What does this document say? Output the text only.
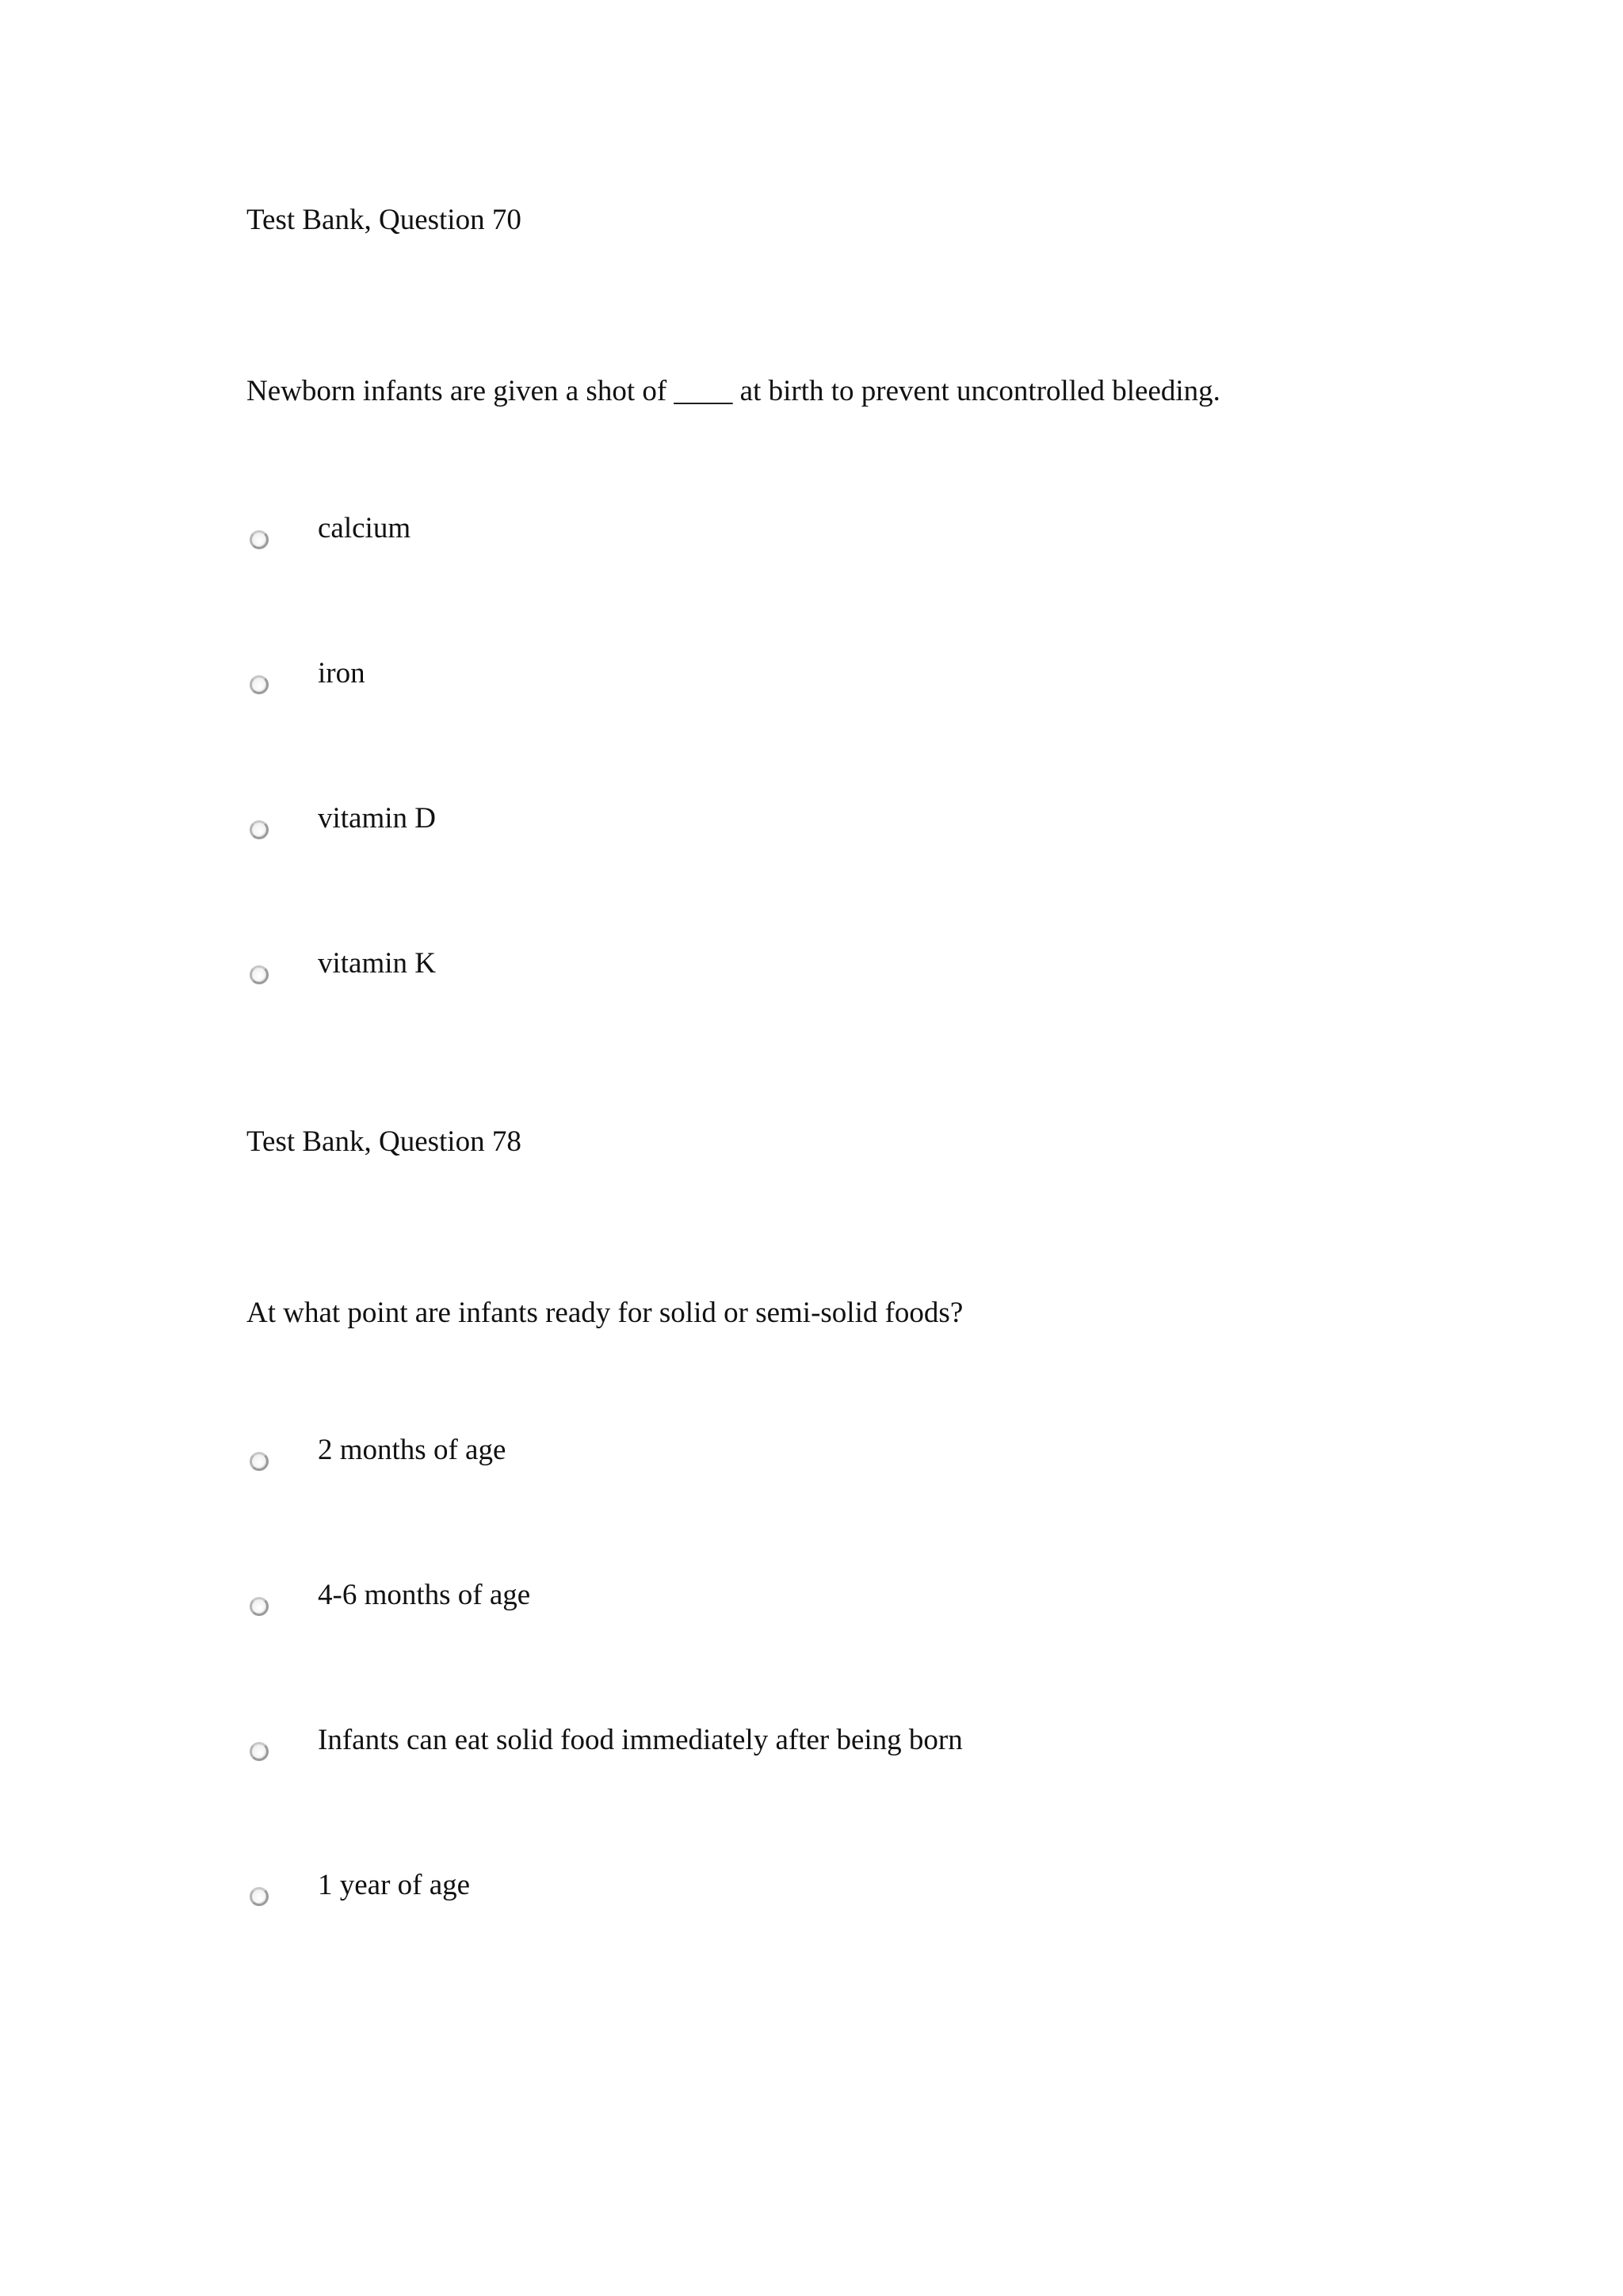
Test Bank, Question 70
Newborn infants are given a shot of ____ at birth to prevent uncontrolled bleeding.
calcium
iron
vitamin D
vitamin K
Test Bank, Question 78
At what point are infants ready for solid or semi-solid foods?
2 months of age
4-6 months of age
Infants can eat solid food immediately after being born
1 year of age
